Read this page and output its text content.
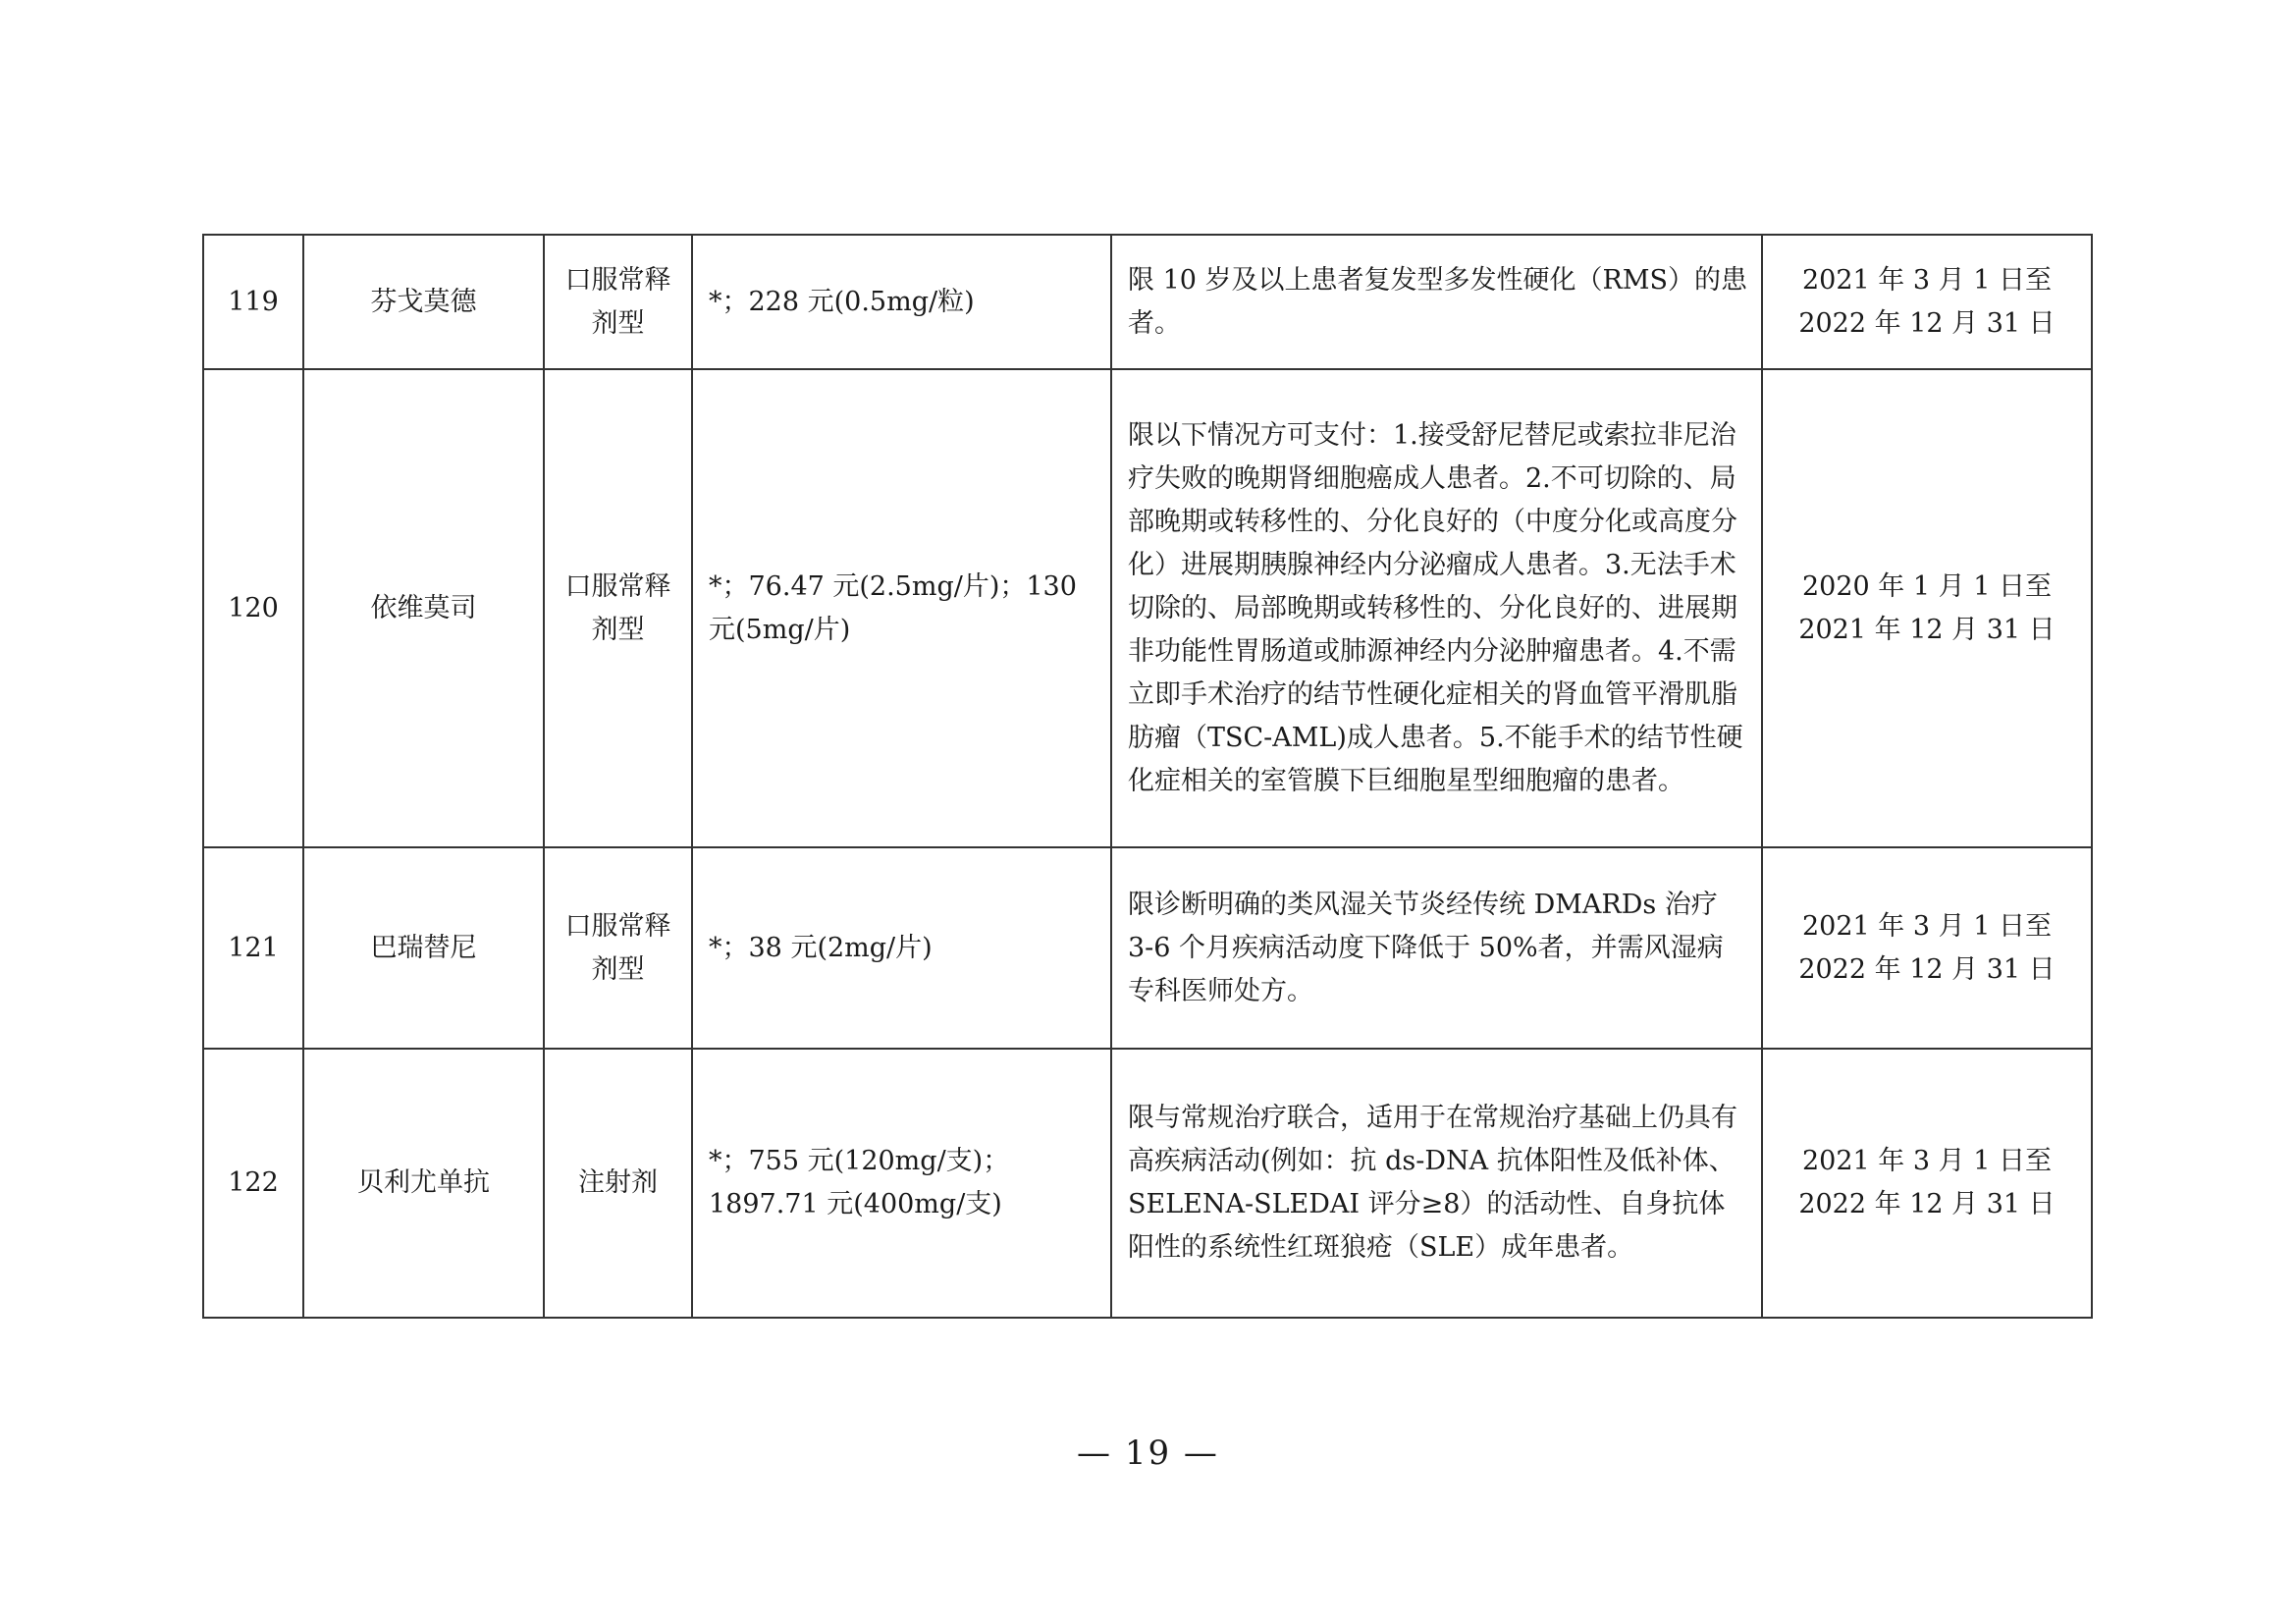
119	芬戈莫德	口服常释剂型	*；228 元(0.5mg/粒)	限 10 岁及以上患者复发型多发性硬化（RMS）的患者。	2021 年 3 月 1 日至 2022 年 12 月 31 日
120	依维莫司	口服常释剂型	*；76.47 元(2.5mg/片)；130 元(5mg/片)	限以下情况方可支付：1.接受舒尼替尼或索拉非尼治疗失败的晚期肾细胞癌成人患者。2.不可切除的、局部晚期或转移性的、分化良好的（中度分化或高度分化）进展期胰腺神经内分泌瘤成人患者。3.无法手术切除的、局部晚期或转移性的、分化良好的、进展期非功能性胃肠道或肺源神经内分泌肿瘤患者。4.不需立即手术治疗的结节性硬化症相关的肾血管平滑肌脂肪瘤（TSC-AML)成人患者。5.不能手术的结节性硬化症相关的室管膜下巨细胞星型细胞瘤的患者。	2020 年 1 月 1 日至 2021 年 12 月 31 日
121	巴瑞替尼	口服常释剂型	*；38 元(2mg/片)	限诊断明确的类风湿关节炎经传统 DMARDs 治疗 3-6 个月疾病活动度下降低于 50%者，并需风湿病专科医师处方。	2021 年 3 月 1 日至 2022 年 12 月 31 日
122	贝利尤单抗	注射剂	*；755 元(120mg/支)；1897.71 元(400mg/支)	限与常规治疗联合，适用于在常规治疗基础上仍具有高疾病活动(例如：抗 ds-DNA 抗体阳性及低补体、SELENA-SLEDAI 评分≥8）的活动性、自身抗体阳性的系统性红斑狼疮（SLE）成年患者。	2021 年 3 月 1 日至 2022 年 12 月 31 日
— 19 —
